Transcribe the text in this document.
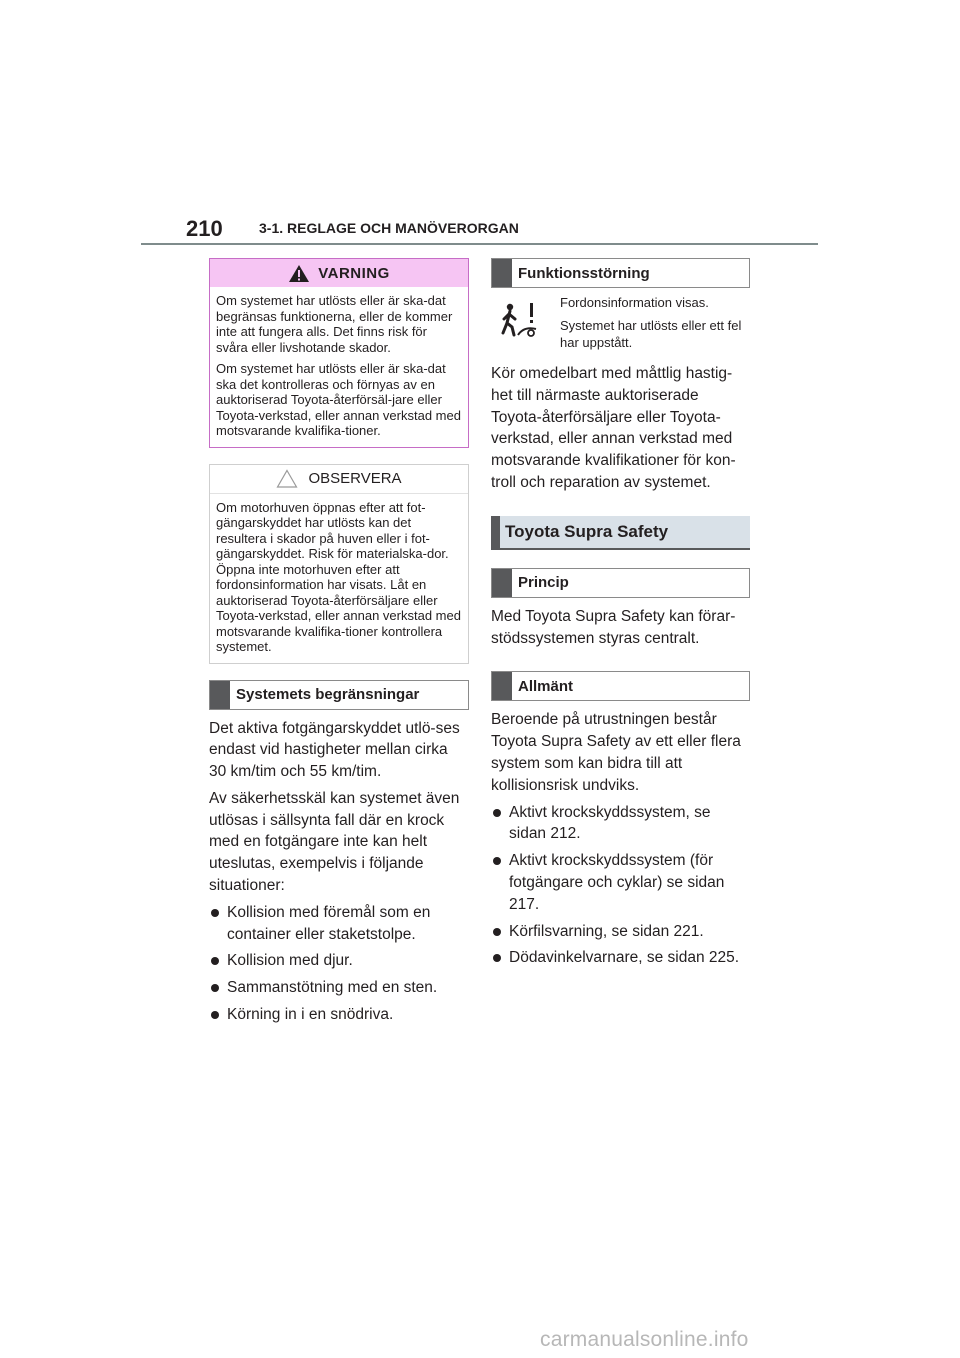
210	3-1. REGLAGE OCH MANÖVERORGAN
VARNING

Om systemet har utlösts eller är ska-dat begränsas funktionerna, eller de kommer inte att fungera alls. Det finns risk för svåra eller livshotande skador.

Om systemet har utlösts eller är ska-dat ska det kontrolleras och förnyas av en auktoriserad Toyota-återförsäl-jare eller Toyota-verkstad, eller annan verkstad med motsvarande kvalifika-tioner.

OBSERVERA

Om motorhuven öppnas efter att fot-gängarskyddet har utlösts kan det resultera i skador på huven eller i fot-gängarskyddet. Risk för materialska-dor. Öppna inte motorhuven efter att fordonsinformation har visats. Låt en auktoriserad Toyota-återförsäljare eller Toyota-verkstad, eller annan verkstad med motsvarande kvalifika-tioner kontrollera systemet.

Systemets begränsningar

Det aktiva fotgängarskyddet utlö-ses endast vid hastigheter mellan cirka 30 km/tim och 55 km/tim.

Av säkerhetsskäl kan systemet även utlösas i sällsynta fall där en krock med en fotgängare inte kan helt uteslutas, exempelvis i följande situationer:

Kollision med föremål som en container eller staketstolpe.
Kollision med djur.
Sammanstötning med en sten.
Körning in i en snödriva.
Funktionsstörning

Fordonsinformation visas.

Systemet har utlösts eller ett fel har uppstått.

Kör omedelbart med måttlig hastig-het till närmaste auktoriserade Toyota-återförsäljare eller Toyota-verkstad, eller annan verkstad med motsvarande kvalifikationer för kon-troll och reparation av systemet.

Toyota Supra Safety
Princip

Med Toyota Supra Safety kan förar-stödssystemen styras centralt.

Allmänt

Beroende på utrustningen består Toyota Supra Safety av ett eller flera system som kan bidra till att kollisionsrisk undviks.

Aktivt krockskyddssystem, se sidan 212.
Aktivt krockskyddssystem (för fotgängare och cyklar) se sidan 217.
Körfilsvarning, se sidan 221.
Dödavinkelvarnare, se sidan 225.
carmanualsonline.info
